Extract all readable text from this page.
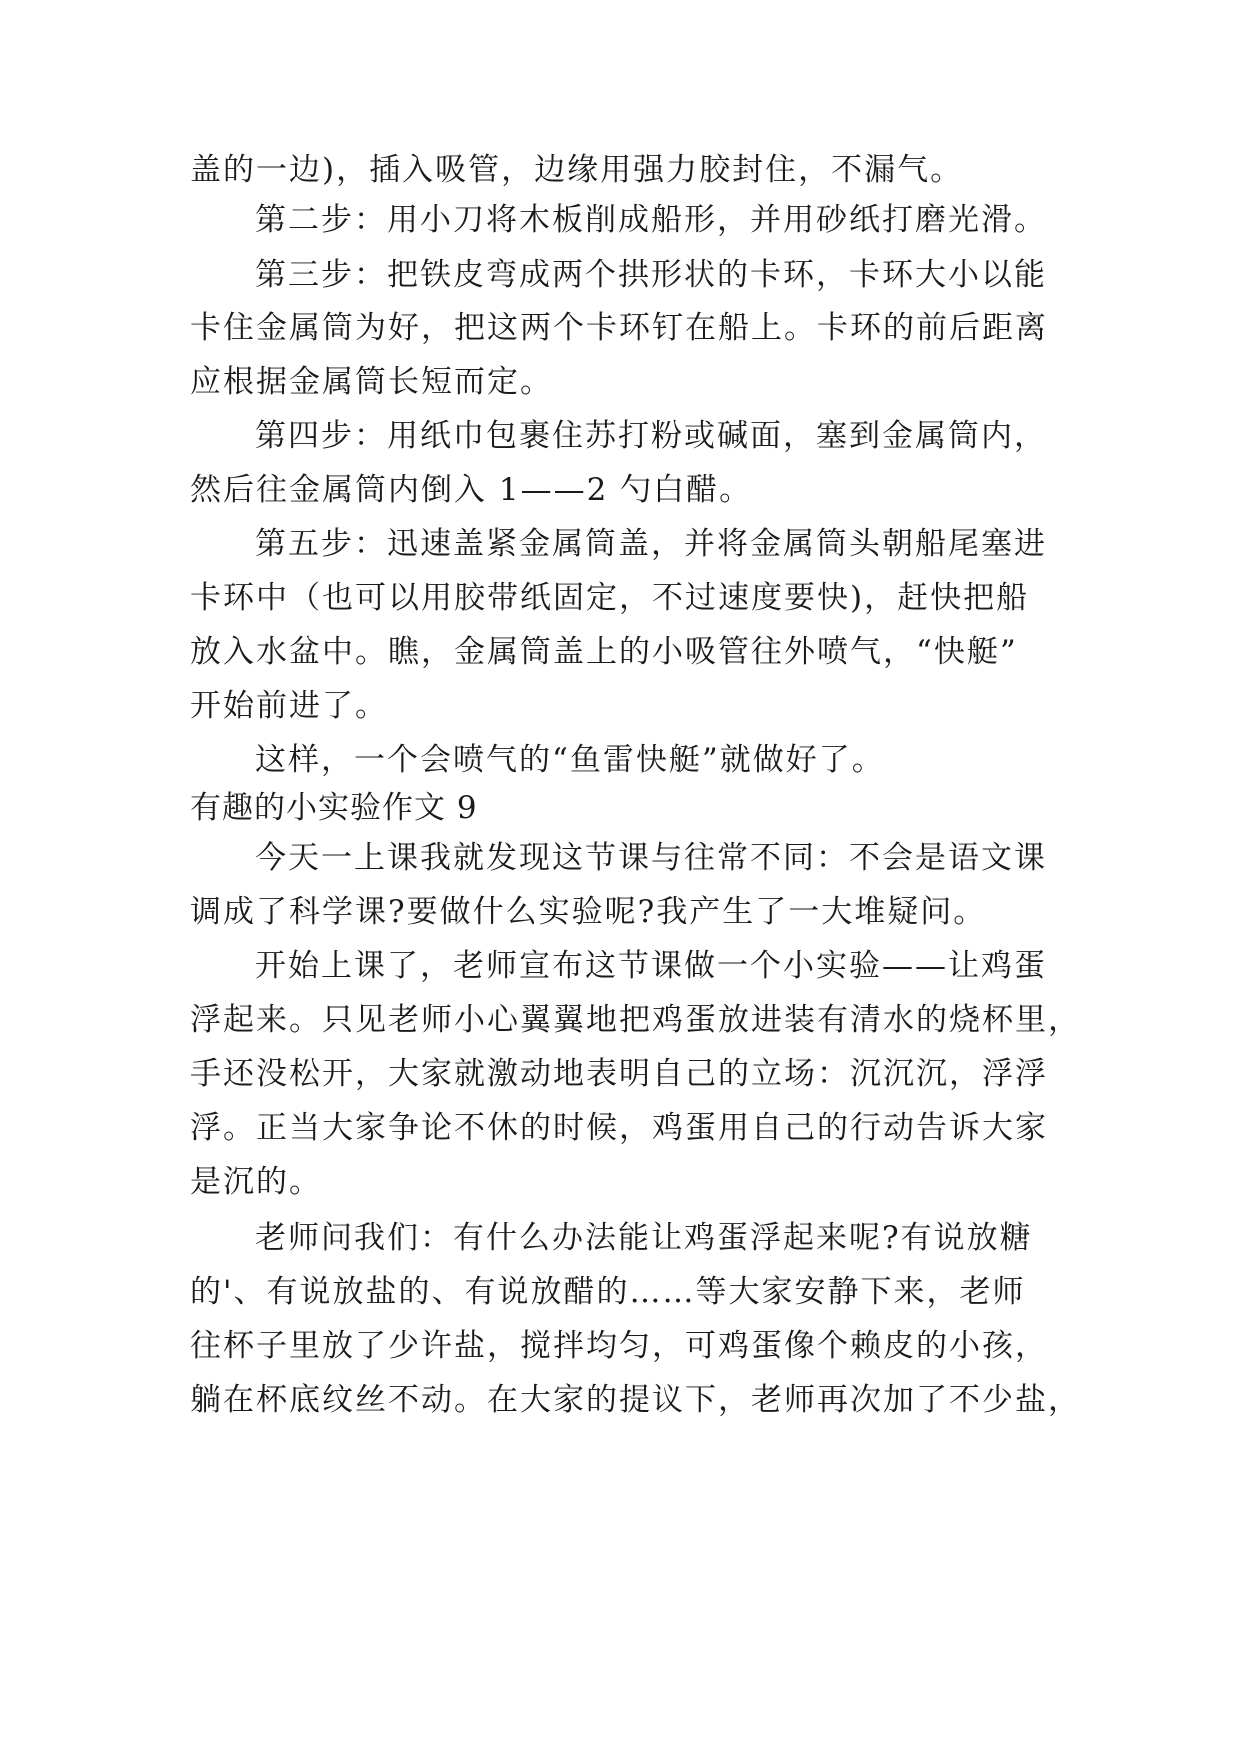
盖的一边)，插入吸管，边缘用强力胶封住，不漏气。
第二步：用小刀将木板削成船形，并用砂纸打磨光滑。
第三步：把铁皮弯成两个拱形状的卡环，卡环大小以能
卡住金属筒为好，把这两个卡环钉在船上。卡环的前后距离
应根据金属筒长短而定。
第四步：用纸巾包裹住苏打粉或碱面，塞到金属筒内，
然后往金属筒内倒入 1——2 勺白醋。
第五步：迅速盖紧金属筒盖，并将金属筒头朝船尾塞进
卡环中（也可以用胶带纸固定，不过速度要快)，赶快把船
放入水盆中。瞧，金属筒盖上的小吸管往外喷气，“快艇”
开始前进了。
这样，一个会喷气的“鱼雷快艇”就做好了。
有趣的小实验作文 9
今天一上课我就发现这节课与往常不同：不会是语文课
调成了科学课?要做什么实验呢?我产生了一大堆疑问。
开始上课了，老师宣布这节课做一个小实验——让鸡蛋
浮起来。只见老师小心翼翼地把鸡蛋放进装有清水的烧杯里，
手还没松开，大家就激动地表明自己的立场：沉沉沉，浮浮
浮。正当大家争论不休的时候，鸡蛋用自己的行动告诉大家
是沉的。
老师问我们：有什么办法能让鸡蛋浮起来呢?有说放糖
的'、有说放盐的、有说放醋的……等大家安静下来，老师
往杯子里放了少许盐，搅拌均匀，可鸡蛋像个赖皮的小孩，
躺在杯底纹丝不动。在大家的提议下，老师再次加了不少盐，
